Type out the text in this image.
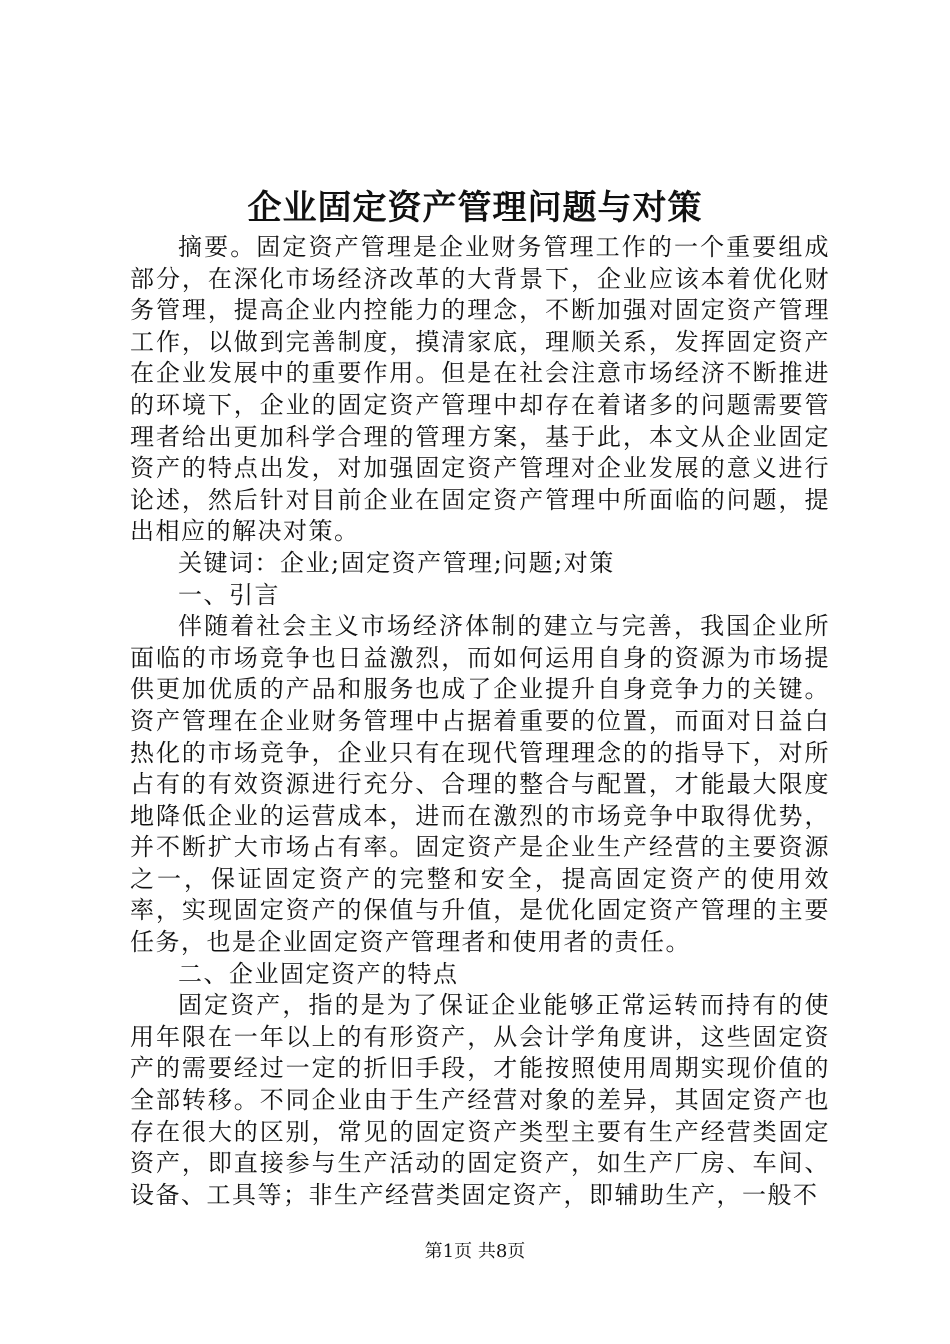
企业固定资产管理问题与对策

摘要。固定资产管理是企业财务管理工作的一个重要组成部分，在深化市场经济改革的大背景下，企业应该本着优化财务管理，提高企业内控能力的理念，不断加强对固定资产管理工作，以做到完善制度，摸清家底，理顺关系，发挥固定资产在企业发展中的重要作用。但是在社会注意市场经济不断推进的环境下，企业的固定资产管理中却存在着诸多的问题需要管理者给出更加科学合理的管理方案，基于此，本文从企业固定资产的特点出发，对加强固定资产管理对企业发展的意义进行论述，然后针对目前企业在固定资产管理中所面临的问题，提出相应的解决对策。

关键词：企业;固定资产管理;问题;对策

一、引言

伴随着社会主义市场经济体制的建立与完善，我国企业所面临的市场竞争也日益激烈，而如何运用自身的资源为市场提供更加优质的产品和服务也成了企业提升自身竞争力的关键。资产管理在企业财务管理中占据着重要的位置，而面对日益白热化的市场竞争，企业只有在现代管理理念的的指导下，对所占有的有效资源进行充分、合理的整合与配置，才能最大限度地降低企业的运营成本，进而在激烈的市场竞争中取得优势，并不断扩大市场占有率。固定资产是企业生产经营的主要资源之一，保证固定资产的完整和安全，提高固定资产的使用效率，实现固定资产的保值与升值，是优化固定资产管理的主要任务，也是企业固定资产管理者和使用者的责任。

二、企业固定资产的特点

固定资产，指的是为了保证企业能够正常运转而持有的使用年限在一年以上的有形资产，从会计学角度讲，这些固定资产的需要经过一定的折旧手段，才能按照使用周期实现价值的全部转移。不同企业由于生产经营对象的差异，其固定资产也存在很大的区别，常见的固定资产类型主要有生产经营类固定资产，即直接参与生产活动的固定资产，如生产厂房、车间、设备、工具等；非生产经营类固定资产，即辅助生产，一般不

第1页 共8页
